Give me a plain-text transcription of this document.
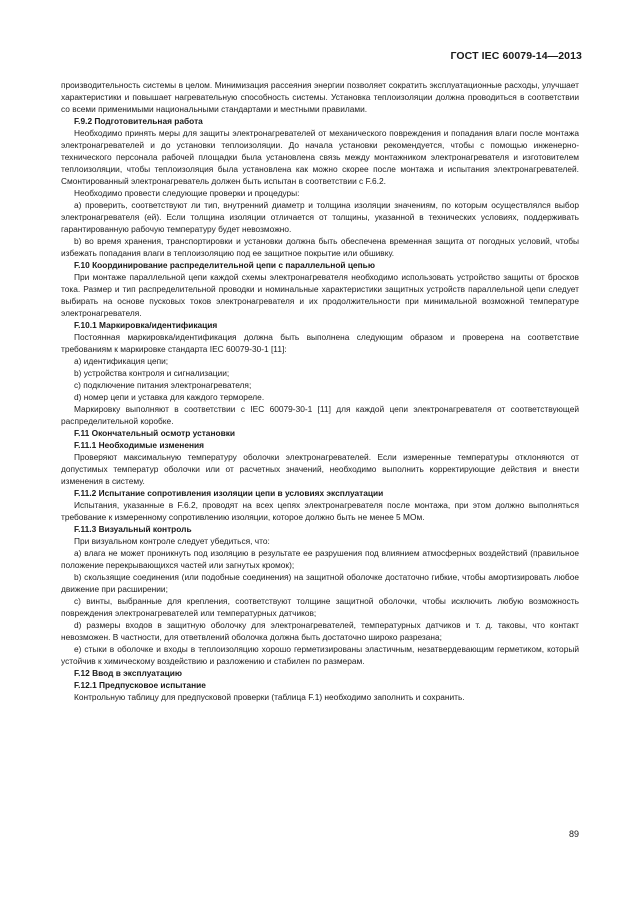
ГОСТ IEC 60079-14—2013

производительность системы в целом. Минимизация рассеяния энергии позволяет сократить эксплуатационные расходы, улучшает характеристики и повышает нагревательную способность системы. Установка теплоизоляции должна проводиться в соответствии со всеми применимыми национальными стандартами и местными правилами.

F.9.2 Подготовительная работа

Необходимо принять меры для защиты электронагревателей от механического повреждения и попадания влаги после монтажа электронагревателей и до установки теплоизоляции. До начала установки рекомендуется, чтобы с помощью инженерно-технического персонала рабочей площадки была установлена связь между монтажником электронагревателя и изготовителем теплоизоляции, чтобы теплоизоляция была установлена как можно скорее после монтажа и испытания электронагревателей. Смонтированный электронагреватель должен быть испытан в соответствии с F.6.2.

Необходимо провести следующие проверки и процедуры:

а) проверить, соответствуют ли тип, внутренний диаметр и толщина изоляции значениям, по которым осуществлялся выбор электронагревателя (ей). Если толщина изоляции отличается от толщины, указанной в технических условиях, поддерживать гарантированную рабочую температуру будет невозможно.

b) во время хранения, транспортировки и установки должна быть обеспечена временная защита от погодных условий, чтобы избежать попадания влаги в теплоизоляцию под ее защитное покрытие или обшивку.

F.10 Координирование распределительной цепи с параллельной цепью

При монтаже параллельной цепи каждой схемы электронагревателя необходимо использовать устройство защиты от бросков тока. Размер и тип распределительной проводки и номинальные характеристики защитных устройств параллельной цепи следует выбирать на основе пусковых токов электронагревателя и их продолжительности при минимальной возможной температуре электронагревателя.

F.10.1 Маркировка/идентификация

Постоянная маркировка/идентификация должна быть выполнена следующим образом и проверена на соответствие требованиям к маркировке стандарта IEC 60079-30-1 [11]:

а) идентификация цепи;

b) устройства контроля и сигнализации;

с) подключение питания электронагревателя;

d) номер цепи и уставка для каждого термореле.

Маркировку выполняют в соответствии с IEC 60079-30-1 [11] для каждой цепи электронагревателя от соответствующей распределительной коробке.

F.11 Окончательный осмотр установки

F.11.1 Необходимые изменения

Проверяют максимальную температуру оболочки электронагревателей. Если измеренные температуры отклоняются от допустимых температур оболочки или от расчетных значений, необходимо выполнить корректирующие действия и внести изменения в систему.

F.11.2 Испытание сопротивления изоляции цепи в условиях эксплуатации

Испытания, указанные в F.6.2, проводят на всех цепях электронагревателя после монтажа, при этом должно выполняться требование к измеренному сопротивлению изоляции, которое должно быть не менее 5 МОм.

F.11.3 Визуальный контроль

При визуальном контроле следует убедиться, что:

а) влага не может проникнуть под изоляцию в результате ее разрушения под влиянием атмосферных воздействий (правильное положение перекрывающихся частей или загнутых кромок);

b) скользящие соединения (или подобные соединения) на защитной оболочке достаточно гибкие, чтобы амортизировать любое движение при расширении;

с) винты, выбранные для крепления, соответствуют толщине защитной оболочки, чтобы исключить любую возможность повреждения электронагревателей или температурных датчиков;

d) размеры входов в защитную оболочку для электронагревателей, температурных датчиков и т. д. таковы, что контакт невозможен. В частности, для ответвлений оболочка должна быть достаточно широко разрезана;

е) стыки в оболочке и входы в теплоизоляцию хорошо герметизированы эластичным, незатвердевающим герметиком, который устойчив к химическому воздействию и разложению и стабилен по размерам.

F.12 Ввод в эксплуатацию

F.12.1 Предпусковое испытание

Контрольную таблицу для предпусковой проверки (таблица F.1) необходимо заполнить и сохранить.

89
